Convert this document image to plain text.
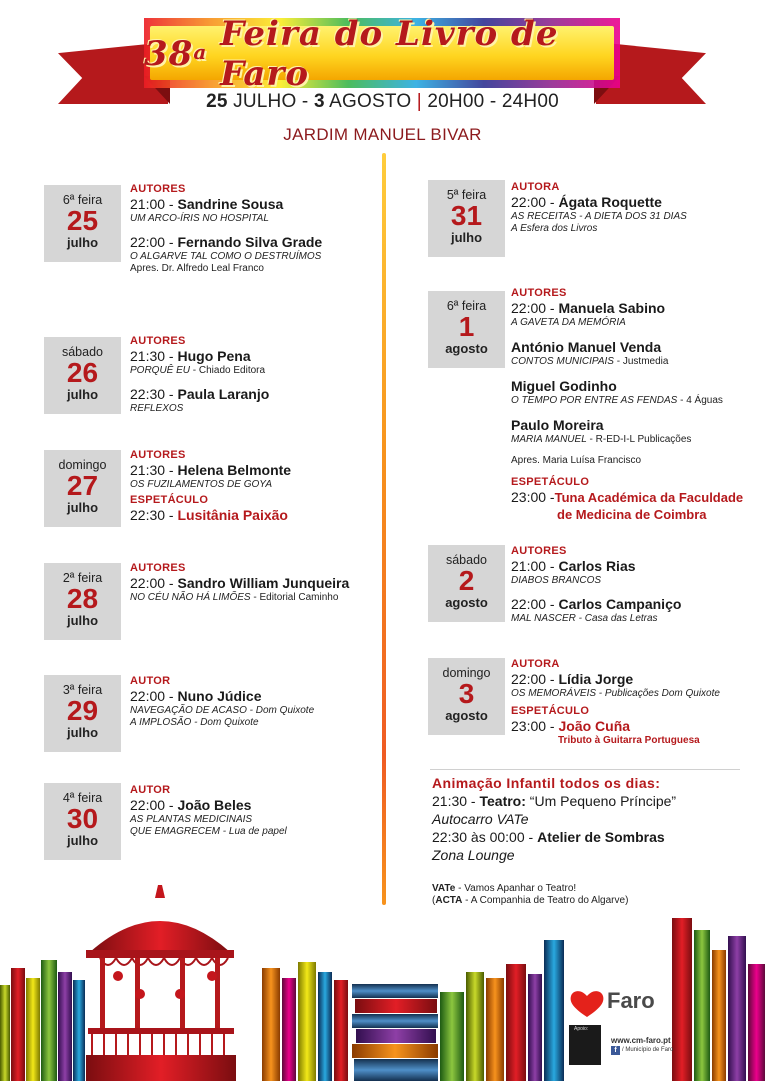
38$^a$
Feira do Livro de Faro
25 JULHO - 3 AGOSTO | 20H00 - 24H00
JARDIM MANUEL BIVAR
6ª feira
25
julho
AUTORES
21:00 - Sandrine Sousa
UM ARCO-ÍRIS NO HOSPITAL
22:00 - Fernando Silva Grade
O ALGARVE TAL COMO O DESTRUÍMOS
Apres. Dr. Alfredo Leal Franco
sábado
26
julho
AUTORES
21:30 - Hugo Pena
PORQUÊ EU - Chiado Editora
22:30 - Paula Laranjo
REFLEXOS
domingo
27
julho
AUTORES
21:30 - Helena Belmonte
OS FUZILAMENTOS DE GOYA
ESPETÁCULO
22:30 - Lusitânia Paixão
2ª feira
28
julho
AUTORES
22:00 - Sandro William Junqueira
NO CÉU NÃO HÁ LIMÕES - Editorial Caminho
3ª feira
29
julho
AUTOR
22:00 - Nuno Júdice
NAVEGAÇÃO DE ACASO - Dom Quixote
A IMPLOSÃO - Dom Quixote
4ª feira
30
julho
AUTOR
22:00 - João Beles
AS PLANTAS MEDICINAIS
QUE EMAGRECEM - Lua de papel
5ª feira
31
julho
AUTORA
22:00 - Ágata Roquette
AS RECEITAS - A DIETA DOS 31 DIAS
A Esfera dos Livros
6ª feira
1
agosto
AUTORES
22:00 - Manuela Sabino
A GAVETA DA MEMÓRIA
António Manuel Venda
CONTOS MUNICIPAIS - Justmedia
Miguel Godinho
O TEMPO POR ENTRE AS FENDAS - 4 Águas
Paulo Moreira
MARIA MANUEL - R-ED-I-L Publicações
Apres. Maria Luísa Francisco
ESPETÁCULO
23:00 -Tuna Académica da Faculdade
de Medicina de Coimbra
sábado
2
agosto
AUTORES
21:00 - Carlos Rias
DIABOS BRANCOS
22:00 - Carlos Campaniço
MAL NASCER - Casa das Letras
domingo
3
agosto
AUTORA
22:00 - Lídia Jorge
OS MEMORÁVEIS - Publicações Dom Quixote
ESPETÁCULO
23:00 - João Cuña
Tributo à Guitarra Portuguesa
Animação Infantil todos os dias:
21:30 - Teatro: “Um Pequeno Príncipe”
Autocarro VATe
22:30 às 00:00 - Atelier de Sombras
Zona Lounge
VATe - Vamos Apanhar o Teatro!
(ACTA - A Companhia de Teatro do Algarve)
Faro
Apoio:
www.cm-faro.pt
f / Município de Faro
